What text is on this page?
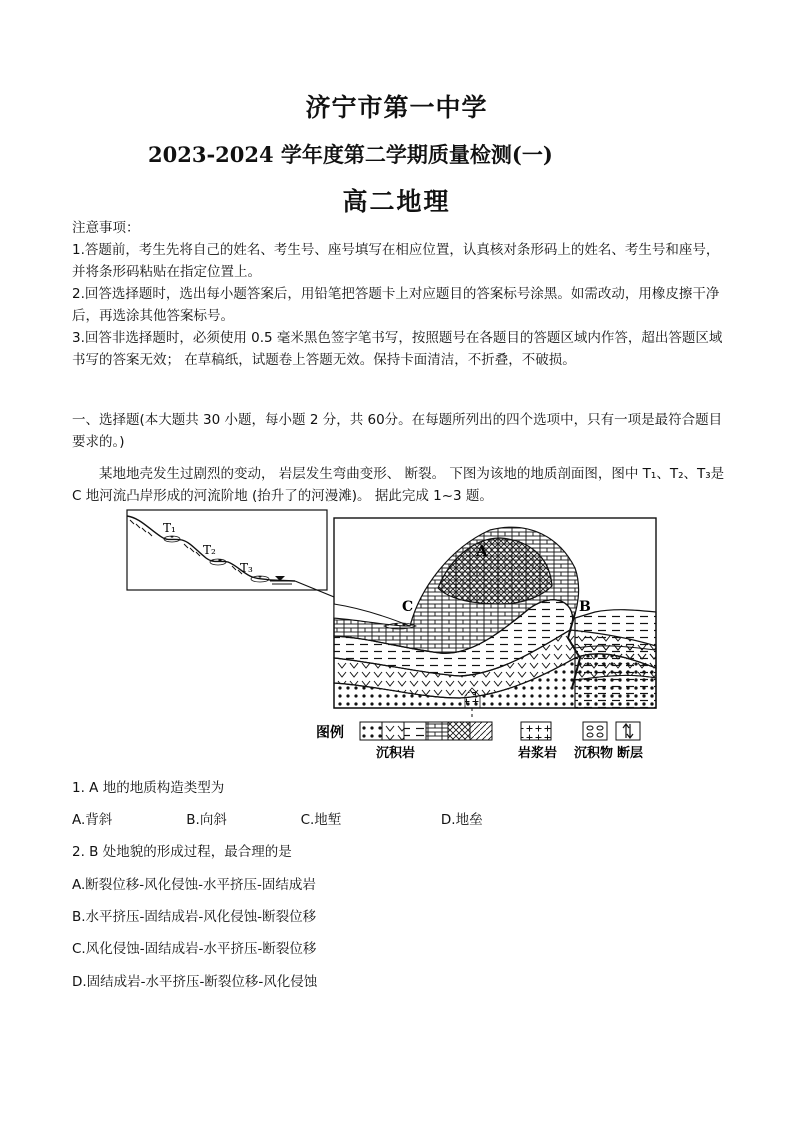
济宁市第一中学
2023-2024 学年度第二学期质量检测(一)
高二地理

注意事项：

1.答题前，考生先将自己的姓名、考生号、座号填写在相应位置，认真核对条形码上的姓名、考生号和座号，并将条形码粘贴在指定位置上。

2.回答选择题时，选出每小题答案后，用铅笔把答题卡上对应题目的答案标号涂黑。如需改动，用橡皮擦干净后，再选涂其他答案标号。

3.回答非选择题时，必须使用 0.5 毫米黑色签字笔书写，按照题号在各题目的答题区域内作答，超出答题区域书写的答案无效； 在草稿纸，试题卷上答题无效。保持卡面清洁，不折叠，不破损。

一、选择题(本大题共 30 小题，每小题 2 分，共 60分。在每题所列出的四个选项中，只有一项是最符合题目要求的。)
某地地壳发生过剧烈的变动， 岩层发生弯曲变形、 断裂。 下图为该地的地质剖面图，图中 T₁、T₂、T₃是 C 地河流凸岸形成的河流阶地 (抬升了的河漫滩)。 据此完成 1~3 题。
T₁
T₂
T₃
A
B
C
图例
沉积岩	岩浆岩 沉积物 断层
1. A 地的地质构造类型为
A.背斜	B.向斜	C.地堑	D.地垒
2. B 处地貌的形成过程，最合理的是
A.断裂位移-风化侵蚀-水平挤压-固结成岩
B.水平挤压-固结成岩-风化侵蚀-断裂位移
C.风化侵蚀-固结成岩-水平挤压-断裂位移
D.固结成岩-水平挤压-断裂位移-风化侵蚀
